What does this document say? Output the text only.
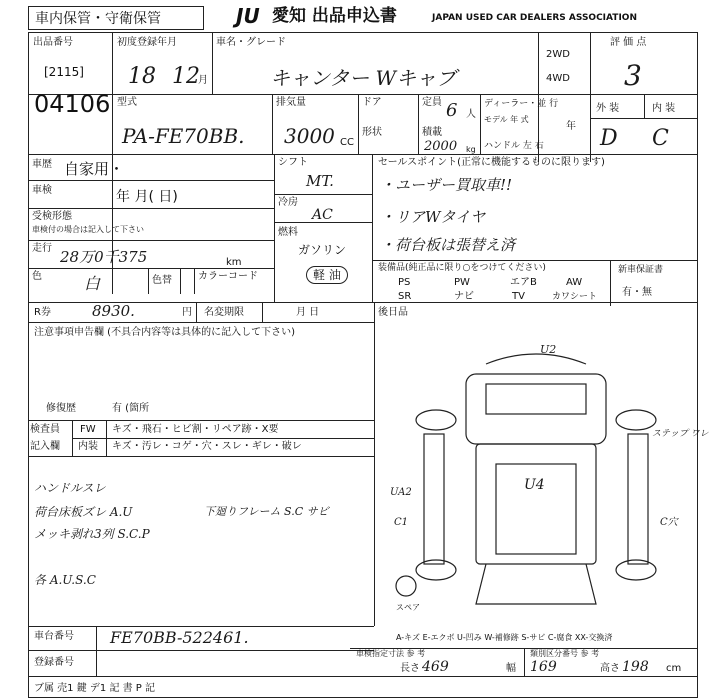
車内保管・守衛保管	JU 愛知 出品申込書	JAPAN USED CAR DEALERS ASSOCIATION
出品番号
[2115]
04106
初度登録年月
18 12
月
車名・グレード
キャンター Wキャブ
2WD
4WD
評 価 点
3
型式
PA-FE70BB.
排気量
3000 CC
ドア
形状
定員 6 人
積載
2000 kg
ディーラー・並 行
モデル 年 式
年
ハンドル 左 右
外 装	内 装
D C
車歴 自家用・
車検	年 月( 日)
受検形態
車検付の場合は記入して下さい
走行 28万0千375	km
色	白	色替	カラーコード
シフト
MT.
冷房
AC
燃料
ガソリン
軽 油
セールスポイント(正常に機能するものに限ります)
・ユーザー買取車!!
・リアWタイヤ
・荷台板は張替え済
装備品(純正品に限り○をつけてください)
PS	PW	エアB	AW
SR	ナビ	TV	カワシート
新車保証書
有・無
R券	8930.	円 名変期限	月 日	後日品
注意事項申告欄 (不具合内容等は具体的に記入して下さい)
修復歴	有 (箇所
検査員
記入欄
FW キズ・飛石・ヒビ割・リペア跡・X要
内装 キズ・汚レ・コゲ・穴・スレ・ギレ・破レ
ハンドルスレ
荷台床板ズレ A.U
メッキ剥れ3列 S.C.P
下廻りフレーム S.C サビ
各 A.U.S.C
U2
U4
UA2
C1
ステップ ワレ
C穴
スペア
A-キズ E-エクボ U-凹み W-補修跡 S-サビ C-腐食 XX-交換済
車台番号 FE70BB-522461.
登録番号
車検指定寸法 参 考	類別区分番号 参 考
長さ 469	幅 169	高さ 198 cm
ブ属 売1 鍵 デ1 記 書 P 記
